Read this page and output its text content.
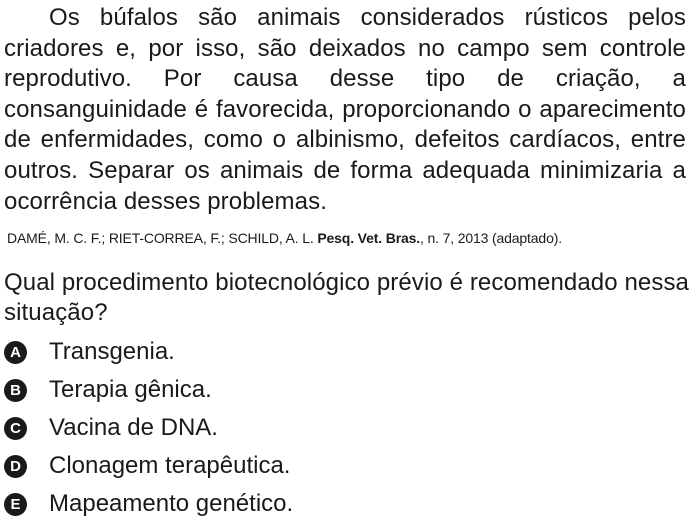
Os búfalos são animais considerados rústicos pelos criadores e, por isso, são deixados no campo sem controle reprodutivo. Por causa desse tipo de criação, a consanguinidade é favorecida, proporcionando o aparecimento de enfermidades, como o albinismo, defeitos cardíacos, entre outros. Separar os animais de forma adequada minimizaria a ocorrência desses problemas.

DAMÉ, M. C. F.; RIET-CORREA, F.; SCHILD, A. L. Pesq. Vet. Bras., n. 7, 2013 (adaptado).

Qual procedimento biotecnológico prévio é recomendado nessa situação?

A Transgenia.
B Terapia gênica.
C Vacina de DNA.
D Clonagem terapêutica.
E Mapeamento genético.
